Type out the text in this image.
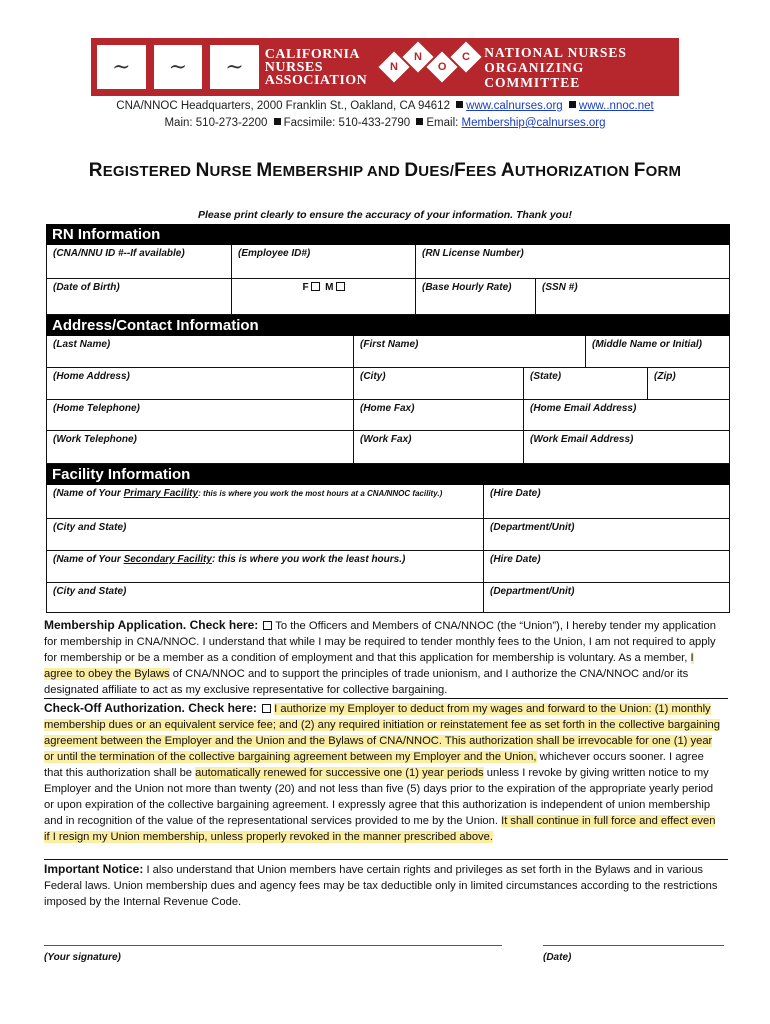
~	~	~
CALIFORNIA
NURSES
ASSOCIATION
N
N
O
C NATIONAL NURSES
ORGANIZING COMMITTEE
CNA/NNOC Headquarters, 2000 Franklin St., Oakland, CA 94612 www.calnurses.org www..nnoc.net
Main: 510-273-2200 Facsimile: 510-433-2790 Email: Membership@calnurses.org
REGISTERED NURSE MEMBERSHIP AND DUES/FEES AUTHORIZATION FORM
Please print clearly to ensure the accuracy of your information. Thank you!
RN Information
(CNA/NNU ID #--If available)	(Employee ID#)	(RN License Number)
(Date of Birth)	F M	(Base Hourly Rate)	(SSN #)
Address/Contact Information
(Last Name)	(First Name)	(Middle Name or Initial)
(Home Address)	(City)	(State)	(Zip)
(Home Telephone)	(Home Fax)	(Home Email Address)
(Work Telephone)	(Work Fax)	(Work Email Address)
Facility Information
(Name of Your Primary Facility: this is where you work the most hours at a CNA/NNOC facility.)	(Hire Date)
(City and State)	(Department/Unit)
(Name of Your Secondary Facility: this is where you work the least hours.)	(Hire Date)
(City and State)	(Department/Unit)
Membership Application. Check here:  To the Officers and Members of CNA/NNOC (the “Union”), I hereby tender my application for membership in CNA/NNOC. I understand that while I may be required to tender monthly fees to the Union, I am not required to apply for membership or be a member as a condition of employment and that this application for membership is voluntary. As a member, I agree to obey the Bylaws of CNA/NNOC and to support the principles of trade unionism, and I authorize the CNA/NNOC and/or its designated affiliate to act as my exclusive representative for collective bargaining.
Check-Off Authorization. Check here: I authorize my Employer to deduct from my wages and forward to the Union: (1) monthly membership dues or an equivalent service fee; and (2) any required initiation or reinstatement fee as set forth in the collective bargaining agreement between the Employer and the Union and the Bylaws of CNA/NNOC. This authorization shall be irrevocable for one (1) year or until the termination of the collective bargaining agreement between my Employer and the Union, whichever occurs sooner. I agree that this authorization shall be automatically renewed for successive one (1) year periods unless I revoke by giving written notice to my Employer and the Union not more than twenty (20) and not less than five (5) days prior to the expiration of the appropriate yearly period or upon expiration of the collective bargaining agreement. I expressly agree that this authorization is independent of union membership and in recognition of the value of the representational services provided to me by the Union. It shall continue in full force and effect even if I resign my Union membership, unless properly revoked in the manner prescribed above.
Important Notice: I also understand that Union members have certain rights and privileges as set forth in the Bylaws and in various Federal laws. Union membership dues and agency fees may be tax deductible only in limited circumstances according to the restrictions imposed by the Internal Revenue Code.
(Your signature)	(Date)
